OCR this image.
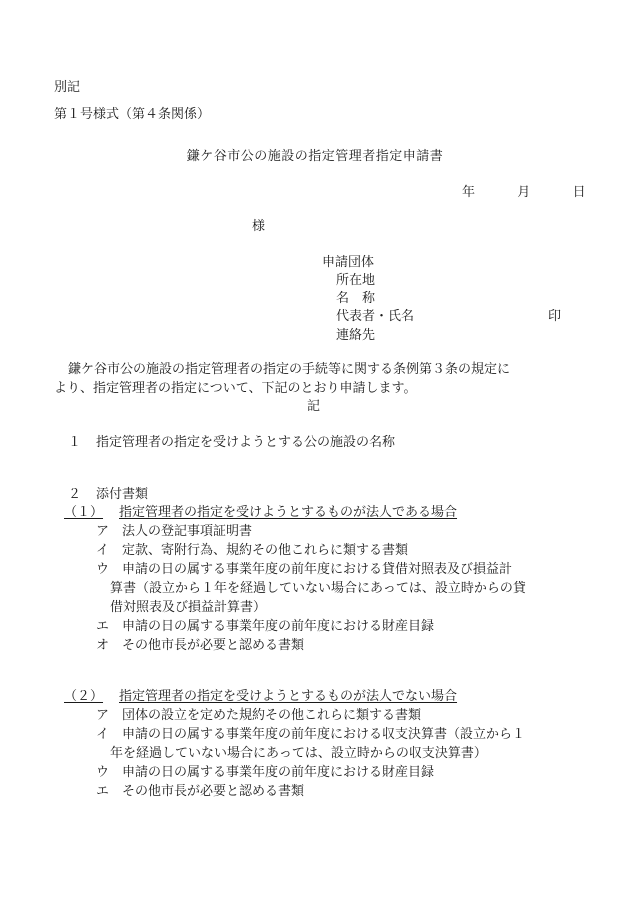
別記
第１号様式（第４条関係）
鎌ケ谷市公の施設の指定管理者指定申請書
年	月	日
様
申請団体
所在地
名　称
代表者・氏名	印
連絡先
鎌ケ谷市公の施設の指定管理者の指定の手続等に関する条例第３条の規定に
より、指定管理者の指定について、下記のとおり申請します。
記
１ 指定管理者の指定を受けようとする公の施設の名称
２ 添付書類
（１） 指定管理者の指定を受けようとするものが法人である場合
ア　法人の登記事項証明書
イ　定款、寄附行為、規約その他これらに類する書類
ウ　申請の日の属する事業年度の前年度における貸借対照表及び損益計
算書（設立から１年を経過していない場合にあっては、設立時からの貸
借対照表及び損益計算書）
エ　申請の日の属する事業年度の前年度における財産目録
オ　その他市長が必要と認める書類
（２） 指定管理者の指定を受けようとするものが法人でない場合
ア　団体の設立を定めた規約その他これらに類する書類
イ　申請の日の属する事業年度の前年度における収支決算書（設立から１
年を経過していない場合にあっては、設立時からの収支決算書）
ウ　申請の日の属する事業年度の前年度における財産目録
エ　その他市長が必要と認める書類
